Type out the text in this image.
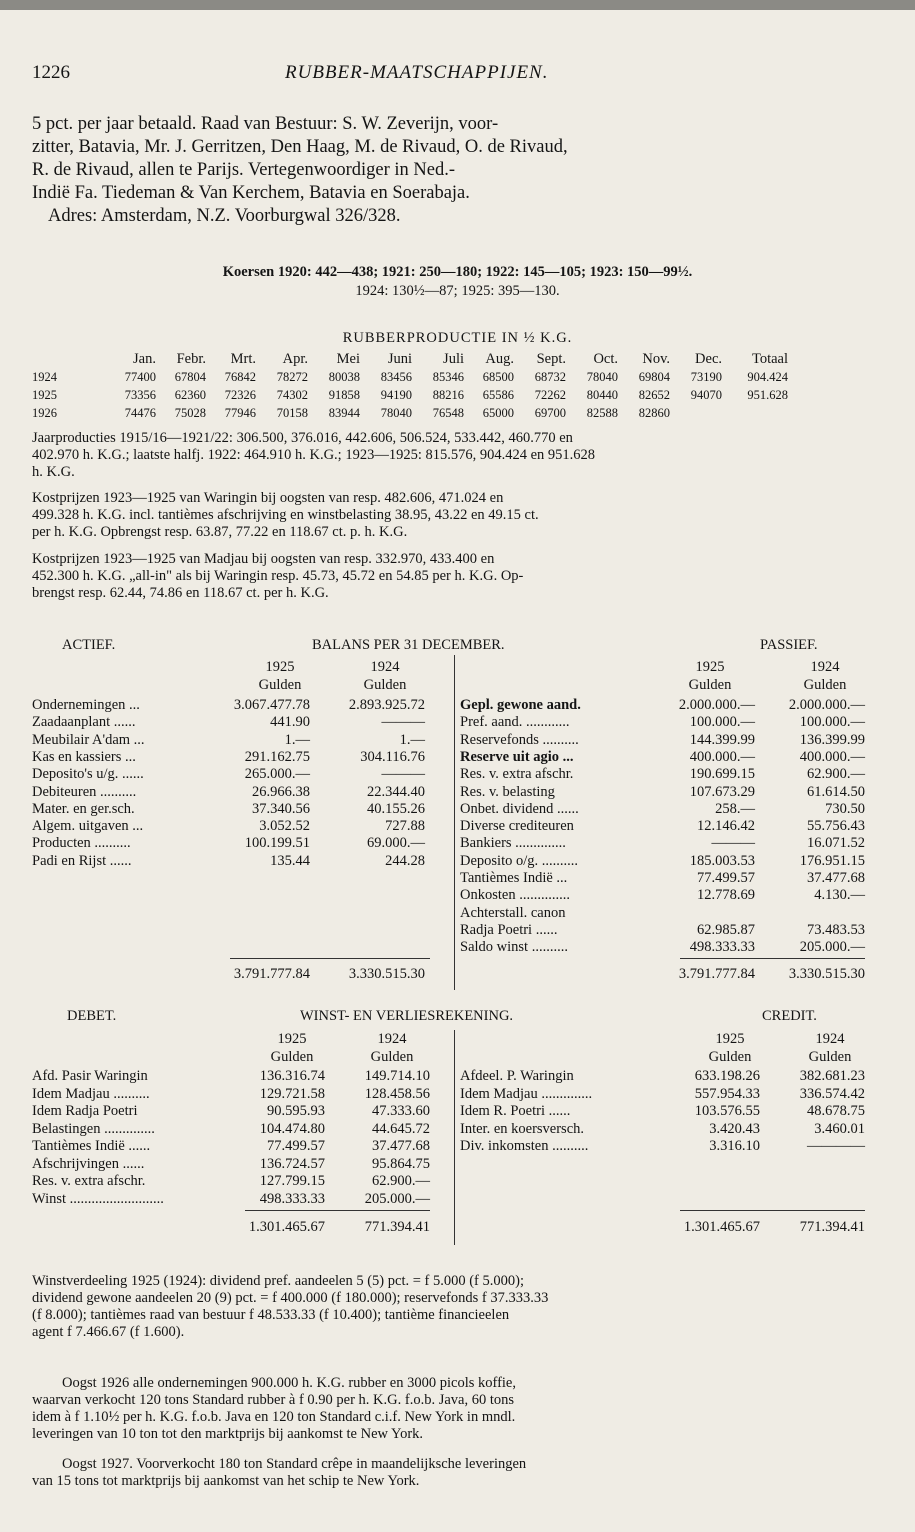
1226	RUBBER-MAATSCHAPPIJEN.
5 pct. per jaar betaald. Raad van Bestuur: S. W. Zeverijn, voor-
zitter, Batavia, Mr. J. Gerritzen, Den Haag, M. de Rivaud, O. de Rivaud,
R. de Rivaud, allen te Parijs. Vertegenwoordiger in Ned.-
Indië Fa. Tiedeman & Van Kerchem, Batavia en Soerabaja.
Adres: Amsterdam, N.Z. Voorburgwal 326/328.
Koersen 1920: 442—438; 1921: 250—180; 1922: 145—105; 1923: 150—99½.
1924: 130½—87; 1925: 395—130.
RUBBERPRODUCTIE IN ½ K.G.
Jan.	Febr.	Mrt.	Apr.	Mei	Juni	Juli	Aug.	Sept.	Oct.	Nov.	Dec.	Totaal
1924	77400	67804	76842	78272	80038	83456	85346	68500	68732	78040	69804	73190	904.424
1925	73356	62360	72326	74302	91858	94190	88216	65586	72262	80440	82652	94070	951.628
1926	74476	75028	77946	70158	83944	78040	76548	65000	69700	82588	82860
Jaarproducties 1915/16—1921/22: 306.500, 376.016, 442.606, 506.524, 533.442, 460.770 en
402.970 h. K.G.; laatste halfj. 1922: 464.910 h. K.G.; 1923—1925: 815.576, 904.424 en 951.628
h. K.G.
Kostprijzen 1923—1925 van Waringin bij oogsten van resp. 482.606, 471.024 en
499.328 h. K.G. incl. tantièmes afschrijving en winstbelasting 38.95, 43.22 en 49.15 ct.
per h. K.G. Opbrengst resp. 63.87, 77.22 en 118.67 ct. p. h. K.G.
Kostprijzen 1923—1925 van Madjau bij oogsten van resp. 332.970, 433.400 en
452.300 h. K.G. „all-in" als bij Waringin resp. 45.73, 45.72 en 54.85 per h. K.G. Op-
brengst resp. 62.44, 74.86 en 118.67 ct. per h. K.G.
ACTIEF.	BALANS PER 31 DECEMBER.	PASSIEF.
1925	1924
Gulden	Gulden
1925	1924
Gulden	Gulden
Ondernemingen ...	3.067.477.78	2.893.925.72
Zaadaanplant ......	441.90	———
Meubilair A'dam ...	1.—	1.—
Kas en kassiers ...	291.162.75	304.116.76
Deposito's u/g. ......	265.000.—	———
Debiteuren ..........	26.966.38	22.344.40
Mater. en ger.sch.	37.340.56	40.155.26
Algem. uitgaven ...	3.052.52	727.88
Producten ..........	100.199.51	69.000.—
Padi en Rijst ......	135.44	244.28
Gepl. gewone aand.	2.000.000.—	2.000.000.—
Pref. aand. ............	100.000.—	100.000.—
Reservefonds ..........	144.399.99	136.399.99
Reserve uit agio ...	400.000.—	400.000.—
Res. v. extra afschr.	190.699.15	62.900.—
Res. v. belasting	107.673.29	61.614.50
Onbet. dividend ......	258.—	730.50
Diverse crediteuren	12.146.42	55.756.43
Bankiers ..............	———	16.071.52
Deposito o/g. ..........	185.003.53	176.951.15
Tantièmes Indië ...	77.499.57	37.477.68
Onkosten ..............	12.778.69	4.130.—
Achterstall. canon
Radja Poetri ......	62.985.87	73.483.53
Saldo winst ..........	498.333.33	205.000.—
3.791.777.84	3.330.515.30	3.791.777.84	3.330.515.30
DEBET.	WINST- EN VERLIESREKENING.	CREDIT.
1925	1924
Gulden	Gulden
1925	1924
Gulden	Gulden
Afd. Pasir Waringin	136.316.74	149.714.10
Idem Madjau ..........	129.721.58	128.458.56
Idem Radja Poetri	90.595.93	47.333.60
Belastingen ..............	104.474.80	44.645.72
Tantièmes Indië ......	77.499.57	37.477.68
Afschrijvingen ......	136.724.57	95.864.75
Res. v. extra afschr.	127.799.15	62.900.—
Winst ..........................	498.333.33	205.000.—
Afdeel. P. Waringin	633.198.26	382.681.23
Idem Madjau ..............	557.954.33	336.574.42
Idem R. Poetri ......	103.576.55	48.678.75
Inter. en koersversch.	3.420.43	3.460.01
Div. inkomsten ..........	3.316.10	————
1.301.465.67	771.394.41	1.301.465.67	771.394.41
Winstverdeeling 1925 (1924): dividend pref. aandeelen 5 (5) pct. = f 5.000 (f 5.000);
dividend gewone aandeelen 20 (9) pct. = f 400.000 (f 180.000); reservefonds f 37.333.33
(f 8.000); tantièmes raad van bestuur f 48.533.33 (f 10.400); tantième financieelen
agent f 7.466.67 (f 1.600).
Oogst 1926 alle ondernemingen 900.000 h. K.G. rubber en 3000 picols koffie,
waarvan verkocht 120 tons Standard rubber à f 0.90 per h. K.G. f.o.b. Java, 60 tons
idem à f 1.10½ per h. K.G. f.o.b. Java en 120 ton Standard c.i.f. New York in mndl.
leveringen van 10 ton tot den marktprijs bij aankomst te New York.
Oogst 1927. Voorverkocht 180 ton Standard crêpe in maandelijksche leveringen
van 15 tons tot marktprijs bij aankomst van het schip te New York.
